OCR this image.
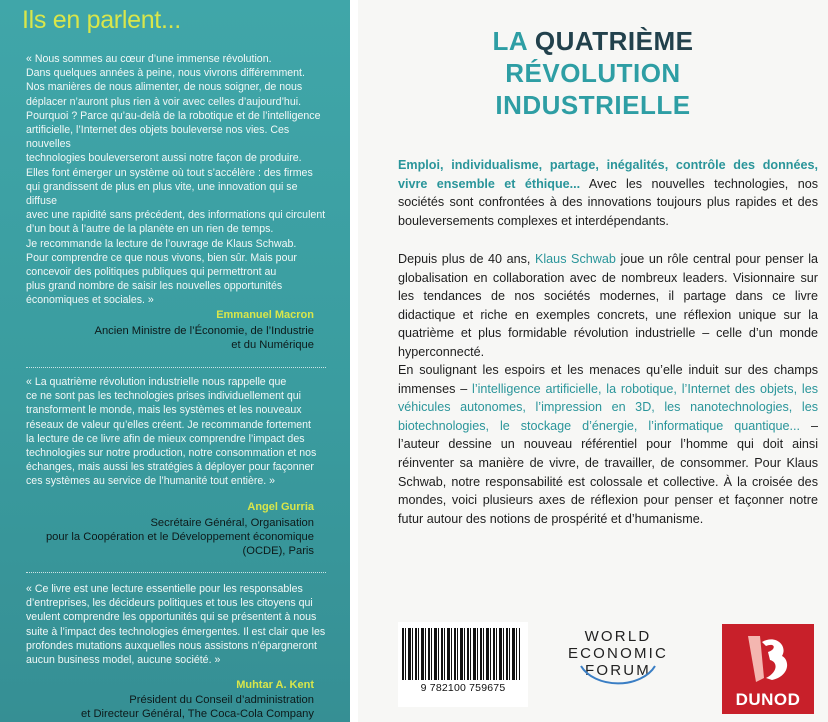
Ils en parlent...

« Nous sommes au cœur d’une immense révolution.
Dans quelques années à peine, nous vivrons différemment.
Nos manières de nous alimenter, de nous soigner, de nous
déplacer n’auront plus rien à voir avec celles d’aujourd’hui.
Pourquoi ? Parce qu’au-delà de la robotique et de l’intelligence
artificielle, l’Internet des objets bouleverse nos vies. Ces nouvelles
technologies bouleverseront aussi notre façon de produire.
Elles font émerger un système où tout s’accélère : des firmes
qui grandissent de plus en plus vite, une innovation qui se diffuse
avec une rapidité sans précédent, des informations qui circulent
d’un bout à l’autre de la planète en un rien de temps.
Je recommande la lecture de l’ouvrage de Klaus Schwab.
Pour comprendre ce que nous vivons, bien sûr. Mais pour
concevoir des politiques publiques qui permettront au
plus grand nombre de saisir les nouvelles opportunités
économiques et sociales. »

Emmanuel Macron

Ancien Ministre de l’Économie, de l’Industrie
et du Numérique

« La quatrième révolution industrielle nous rappelle que
ce ne sont pas les technologies prises individuellement qui
transforment le monde, mais les systèmes et les nouveaux
réseaux de valeur qu’elles créent. Je recommande fortement
la lecture de ce livre afin de mieux comprendre l’impact des
technologies sur notre production, notre consommation et nos
échanges, mais aussi les stratégies à déployer pour façonner
ces systèmes au service de l’humanité tout entière. »

Angel Gurria

Secrétaire Général, Organisation
pour la Coopération et le Développement économique
(OCDE), Paris

« Ce livre est une lecture essentielle pour les responsables
d’entreprises, les décideurs politiques et tous les citoyens qui
veulent comprendre les opportunités qui se présentent à nous
suite à l’impact des technologies émergentes. Il est clair que les
profondes mutations auxquelles nous assistons n’épargneront
aucun business model, aucune société. »

Muhtar A. Kent

Président du Conseil d’administration
et Directeur Général, The Coca-Cola Company

LA QUATRIÈME
RÉVOLUTION
INDUSTRIELLE

Emploi, individualisme, partage, inégalités, contrôle des données, vivre ensemble et éthique... Avec les nouvelles technologies, nos sociétés sont confrontées à des innovations toujours plus rapides et des bouleversements complexes et interdépendants.

Depuis plus de 40 ans, Klaus Schwab joue un rôle central pour penser la globalisation en collaboration avec de nombreux leaders. Visionnaire sur les tendances de nos sociétés modernes, il partage dans ce livre didactique et riche en exemples concrets, une réflexion unique sur la quatrième et plus formidable révolution industrielle – celle d’un monde hyperconnecté.

En soulignant les espoirs et les menaces qu’elle induit sur des champs immenses – l’intelligence artificielle, la robotique, l’Internet des objets, les véhicules autonomes, l’impression en 3D, les nanotechnologies, les biotechnologies, le stockage d’énergie, l’informatique quantique... – l’auteur dessine un nouveau référentiel pour l’homme qui doit ainsi réinventer sa manière de vivre, de travailler, de consommer. Pour Klaus Schwab, notre responsabilité est colossale et collective. À la croisée des mondes, voici plusieurs axes de réflexion pour penser et façonner notre futur autour des notions de prospérité et d’humanisme.

9 782100 759675

WORLD

ECONOMIC

FORUM

DUNOD
